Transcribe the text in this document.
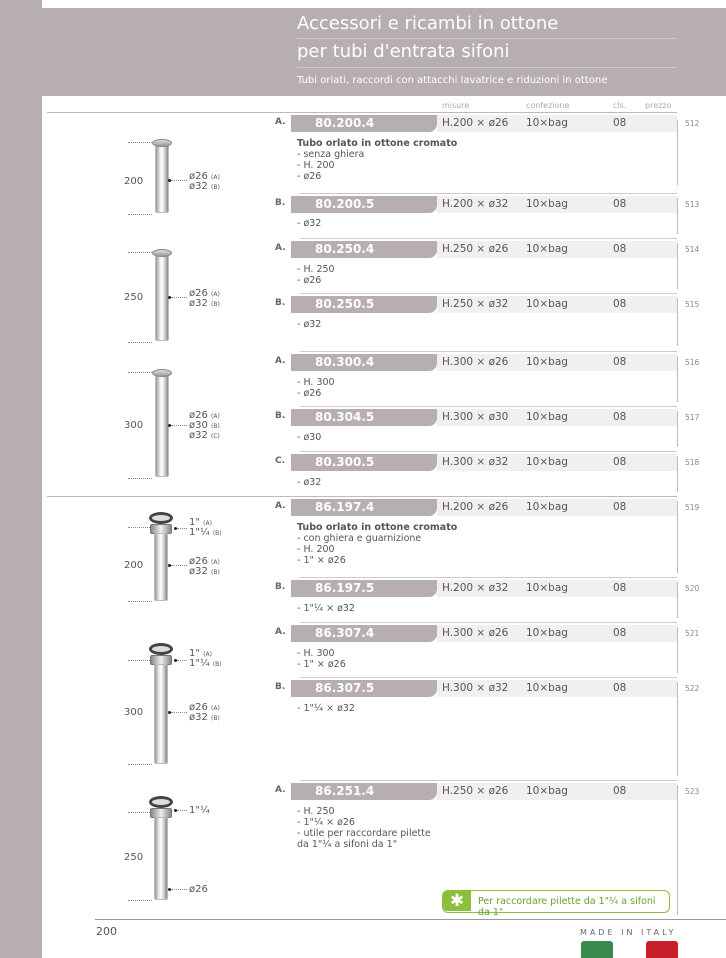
Accessori e ricambi in ottone
per tubi d'entrata sifoni
Tubi orlati, raccordi con attacchi lavatrice e riduzioni in ottone
misure	confezione	cls. prezzo
A.	80.200.4	H.200 × ø26 10×bag	08	512
B.	80.200.5	H.200 × ø32 10×bag	08	513
A.	80.250.4	H.250 × ø26 10×bag	08	514
B.	80.250.5	H.250 × ø32 10×bag	08	515
A.	80.300.4	H.300 × ø26 10×bag	08	516
B.	80.304.5	H.300 × ø30 10×bag	08	517
C.	80.300.5	H.300 × ø32 10×bag	08	518
A.	86.197.4	H.200 × ø26 10×bag	08	519
B.	86.197.5	H.200 × ø32 10×bag	08	520
A.	86.307.4	H.300 × ø26 10×bag	08	521
B.	86.307.5	H.300 × ø32 10×bag	08	522
A.	86.251.4	H.250 × ø26 10×bag	08	523
Tubo orlato in ottone cromato
- senza ghiera
- H. 200
- ø26
- ø32
- H. 250
- ø26
- ø32
- H. 300
- ø26
- ø30
- ø32
Tubo orlato in ottone cromato
- con ghiera e guarnizione
- H. 200
- 1" × ø26
- 1"¼ × ø32
- H. 300
- 1" × ø26
- 1"¼ × ø32
- H. 250
- 1"¼ × ø26
- utile per raccordare pilette
da 1"¼ a sifoni da 1"
200	ø26 (A)
ø32 (B)
250	ø26 (A)
ø32 (B)
300
ø26 (A)
ø30 (B)
ø32 (C)
200
1" (A)
1"¼ (B)
ø26 (A)
ø32 (B)
300
1" (A)
1"¼ (B)
ø26 (A)
ø32 (B)
250
1"¼
ø26
✱	Per raccordare pilette da 1"¼ a sifoni da 1"
200	MADE IN ITALY
